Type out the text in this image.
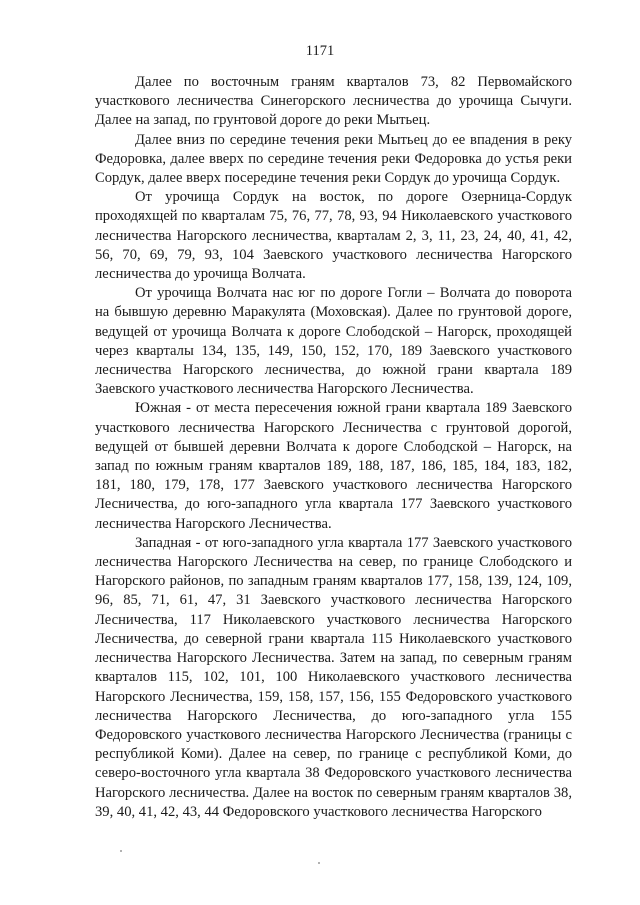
1171

Далее по восточным граням кварталов 73, 82 Первомайского участкового лесничества Синегорского лесничества до урочища Сычуги. Далее на запад, по грунтовой дороге до реки Мытьец.

Далее вниз по середине течения реки Мытьец до ее впадения в реку Федоровка, далее вверх по середине течения реки Федоровка до устья реки Сордук, далее вверх посередине течения реки Сордук до урочища Сордук.

От урочища Сордук на восток, по дороге Озерница-Сордук проходяхщей по кварталам 75, 76, 77, 78, 93, 94 Николаевского участкового лесничества Нагорского лесничества, кварталам 2, 3, 11, 23, 24, 40, 41, 42, 56, 70, 69, 79, 93, 104 Заевского участкового лесничества Нагорского лесничества до урочища Волчата.

От урочища Волчата нас юг по дороге Гогли – Волчата до поворота на бывшую деревню Маракулята (Моховская). Далее по грунтовой дороге, ведущей от урочища Волчата к дороге Слободской – Нагорск, проходящей через кварталы 134, 135, 149, 150, 152, 170, 189 Заевского участкового лесничества Нагорского лесничества, до южной грани квартала 189 Заевского участкового лесничества Нагорского Лесничества.

Южная - от места пересечения южной грани квартала 189 Заевского участкового лесничества Нагорского Лесничества с грунтовой дорогой, ведущей от бывшей деревни Волчата к дороге Слободской – Нагорск, на запад по южным граням кварталов 189, 188, 187, 186, 185, 184, 183, 182, 181, 180, 179, 178, 177 Заевского участкового лесничества Нагорского Лесничества, до юго-западного угла квартала 177 Заевского участкового лесничества Нагорского Лесничества.

Западная - от юго-западного угла квартала 177 Заевского участкового лесничества Нагорского Лесничества на север, по границе Слободского и Нагорского районов, по западным граням кварталов 177, 158, 139, 124, 109, 96, 85, 71, 61, 47, 31 Заевского участкового лесничества Нагорского Лесничества, 117 Николаевского участкового лесничества Нагорского Лесничества, до северной грани квартала 115 Николаевского участкового лесничества Нагорского Лесничества. Затем на запад, по северным граням кварталов 115, 102, 101, 100 Николаевского участкового лесничества Нагорского Лесничества, 159, 158, 157, 156, 155 Федоровского участкового лесничества Нагорского Лесничества, до юго-западного угла 155 Федоровского участкового лесничества Нагорского Лесничества (границы с республикой Коми). Далее на север, по границе с республикой Коми, до северо-восточного угла квартала 38 Федоровского участкового лесничества Нагорского лесничества. Далее на восток по северным граням кварталов 38, 39, 40, 41, 42, 43, 44 Федоровского участкового лесничества Нагорского
